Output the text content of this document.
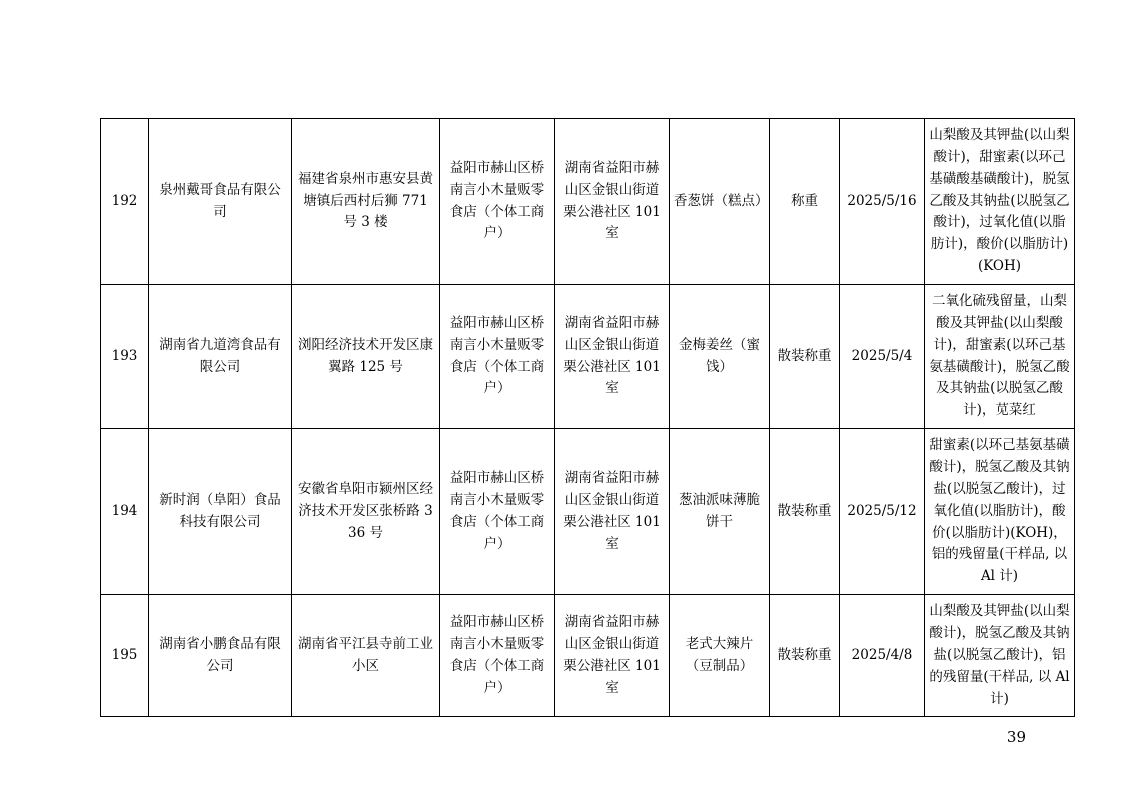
192	泉州戴哥食品有限公司	福建省泉州市惠安县黄塘镇后西村后狮 771 号 3 楼	益阳市赫山区桥南言小木量贩零食店（个体工商户）	湖南省益阳市赫山区金银山街道栗公港社区 101 室	香葱饼（糕点）	称重	2025/5/16	山梨酸及其钾盐(以山梨酸计)，甜蜜素(以环己基磺酸基磺酸计)，脱氢乙酸及其钠盐(以脱氢乙酸计)，过氧化值(以脂肪计)，酸价(以脂肪计)(KOH)
193	湖南省九道湾食品有限公司	浏阳经济技术开发区康翼路 125 号	益阳市赫山区桥南言小木量贩零食店（个体工商户）	湖南省益阳市赫山区金银山街道栗公港社区 101 室	金梅姜丝（蜜饯）	散装称重	2025/5/4	二氧化硫残留量，山梨酸及其钾盐(以山梨酸计)，甜蜜素(以环己基氨基磺酸计)，脱氢乙酸及其钠盐(以脱氢乙酸计)，苋菜红
194	新时润（阜阳）食品科技有限公司	安徽省阜阳市颍州区经济技术开发区张桥路 336 号	益阳市赫山区桥南言小木量贩零食店（个体工商户）	湖南省益阳市赫山区金银山街道栗公港社区 101 室	葱油派味薄脆饼干	散装称重	2025/5/12	甜蜜素(以环己基氨基磺酸计)，脱氢乙酸及其钠盐(以脱氢乙酸计)，过氧化值(以脂肪计)，酸价(以脂肪计)(KOH)，铝的残留量(干样品, 以 Al 计)
195	湖南省小鹏食品有限公司	湖南省平江县寺前工业小区	益阳市赫山区桥南言小木量贩零食店（个体工商户）	湖南省益阳市赫山区金银山街道栗公港社区 101 室	老式大辣片（豆制品）	散装称重	2025/4/8	山梨酸及其钾盐(以山梨酸计)，脱氢乙酸及其钠盐(以脱氢乙酸计)，铝的残留量(干样品, 以 Al 计)
39
